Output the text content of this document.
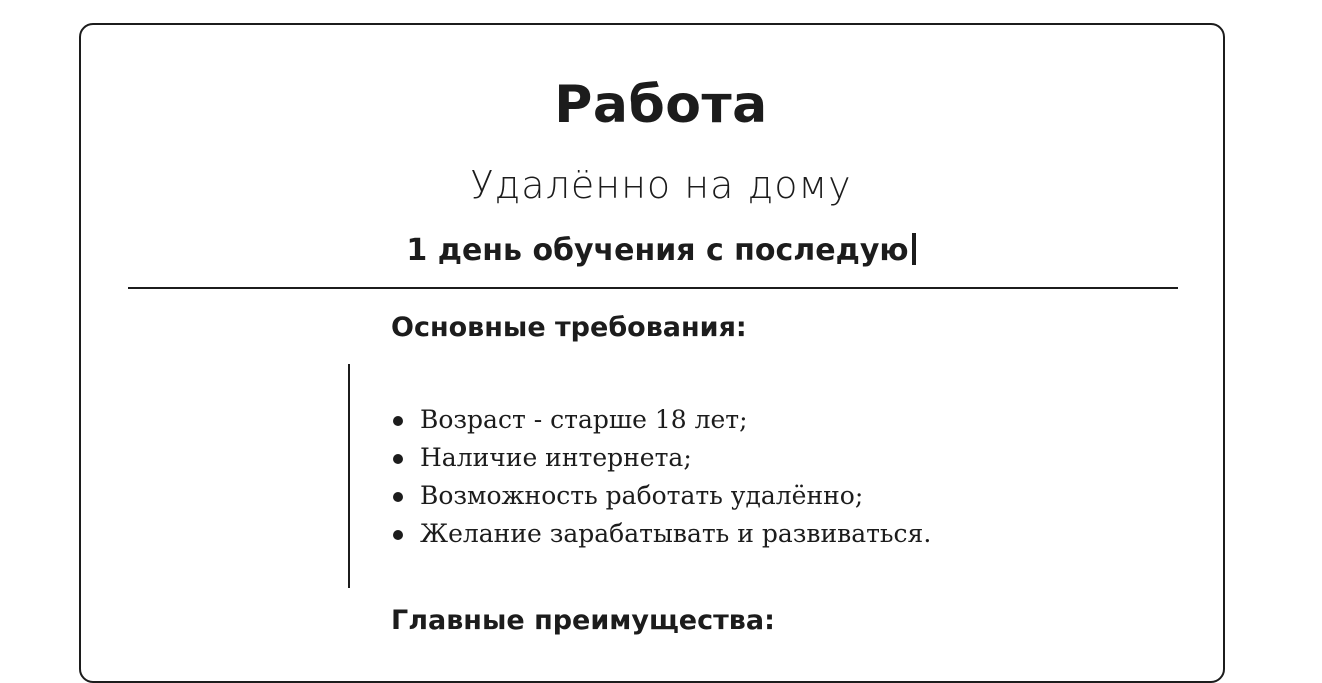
Работа
Удалённо на дому
1 день обучения с последую
Основные требования:
Возраст - старше 18 лет;
Наличие интернета;
Возможность работать удалённо;
Желание зарабатывать и развиваться.
Главные преимущества:
